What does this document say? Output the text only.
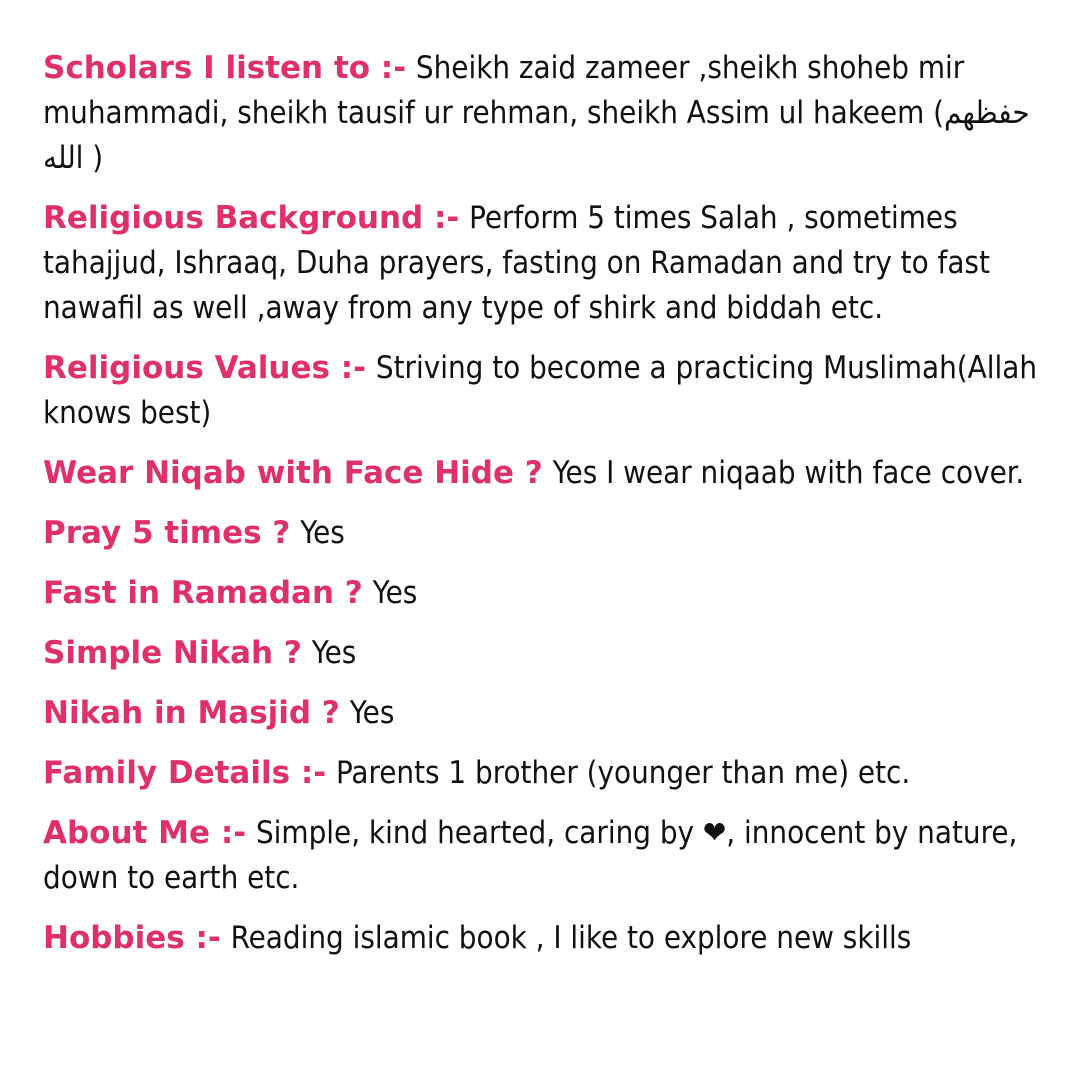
Scholars I listen to :- Sheikh zaid zameer ,sheikh shoheb mir muhammadi, sheikh tausif ur rehman, sheikh Assim ul hakeem (حفظهم الله )

Religious Background :- Perform 5 times Salah , sometimes tahajjud, Ishraaq, Duha prayers, fasting on Ramadan and try to fast nawafil as well ,away from any type of shirk and biddah etc.

Religious Values :- Striving to become a practicing Muslimah(Allah knows best)

Wear Niqab with Face Hide ? Yes I wear niqaab with face cover.

Pray 5 times ? Yes

Fast in Ramadan ? Yes

Simple Nikah ? Yes

Nikah in Masjid ? Yes

Family Details :- Parents 1 brother (younger than me) etc.

About Me :- Simple, kind hearted, caring by ❤, innocent by nature, down to earth etc.

Hobbies :- Reading islamic book , I like to explore new skills
